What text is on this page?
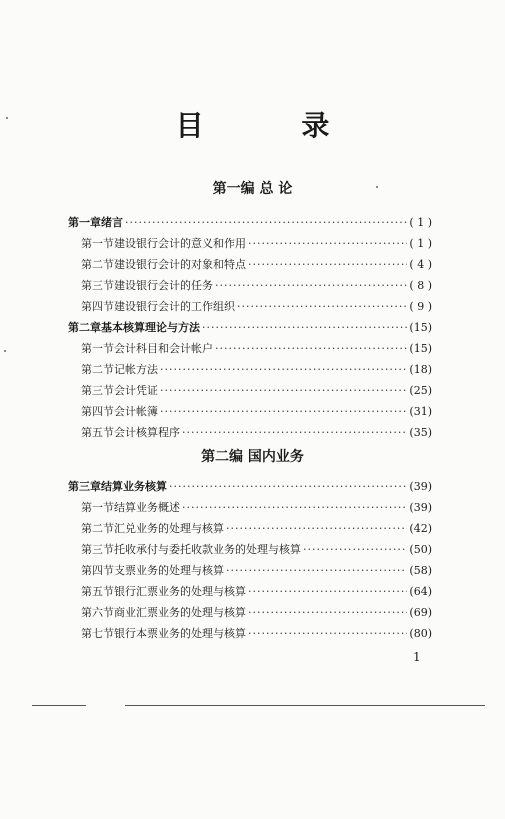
目 录
第一编 总 论
第一章 绪言 ·····	( 1 )
第一节 建设银行会计的意义和作用 ·····	( 1 )
第二节 建设银行会计的对象和特点 ·····	( 4 )
第三节 建设银行会计的任务 ·····	( 8 )
第四节 建设银行会计的工作组织 ·····	( 9 )
第二章 基本核算理论与方法 ·····	(15)
第一节 会计科目和会计帐户 ·····	(15)
第二节 记帐方法 ·····	(18)
第三节 会计凭证 ·····	(25)
第四节 会计帐簿 ·····	(31)
第五节 会计核算程序 ·····	(35)
第二编 国内业务
第三章 结算业务核算 ·····	(39)
第一节 结算业务概述 ·····	(39)
第二节 汇兑业务的处理与核算 ·····	(42)
第三节 托收承付与委托收款业务的处理与核算 ·····	(50)
第四节 支票业务的处理与核算 ·····	(58)
第五节 银行汇票业务的处理与核算 ·····	(64)
第六节 商业汇票业务的处理与核算 ·····	(69)
第七节 银行本票业务的处理与核算 ·····	(80)
1
